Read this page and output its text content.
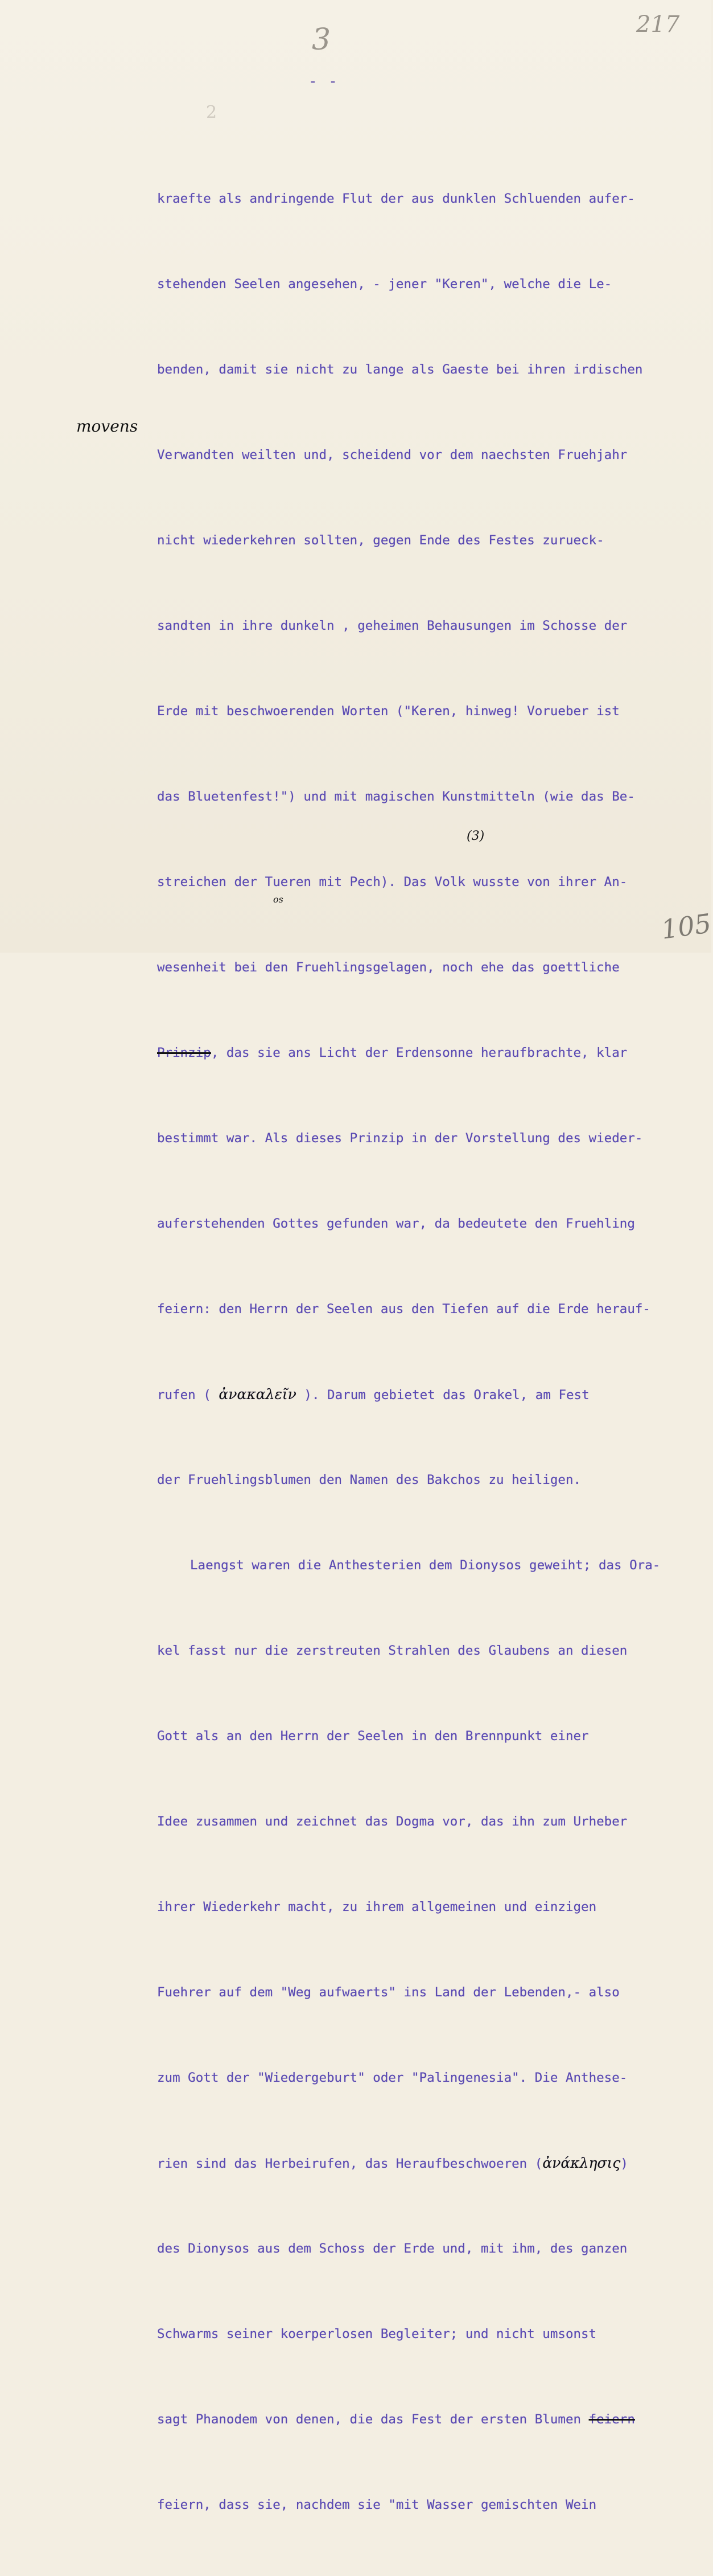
3	217
2
- -
movens

kraefte als andringende Flut der aus dunklen Schluenden aufer-

stehenden Seelen angesehen, - jener "Keren", welche die Le-

benden, damit sie nicht zu lange als Gaeste bei ihren irdischen

Verwandten weilten und, scheidend vor dem naechsten Fruehjahr

nicht wiederkehren sollten, gegen Ende des Festes zurueck-

sandten in ihre dunkeln , geheimen Behausungen im Schosse der

Erde mit beschwoerenden Worten ("Keren, hinweg! Vorueber ist

das Bluetenfest!") und mit magischen Kunstmitteln (wie das Be-

streichen der Tueren mit Pech). Das Volk wusste von ihrer An-

wesenheit bei den Fruehlingsgelagen, noch ehe das goettliche

Prinzip, das sie ans Licht der Erdensonne heraufbrachte, klar

bestimmt war. Als dieses Prinzip in der Vorstellung des wieder-

auferstehenden Gottes gefunden war, da bedeutete den Fruehling

feiern: den Herrn der Seelen aus den Tiefen auf die Erde herauf-

rufen ( ἀνακαλεῖν ). Darum gebietet das Orakel, am Fest

der Fruehlingsblumen den Namen des Bakchos zu heiligen.

Laengst waren die Anthesterien dem Dionysos geweiht; das Ora-

kel fasst nur die zerstreuten Strahlen des Glaubens an diesen

Gott als an den Herrn der Seelen in den Brennpunkt einer

Idee zusammen und zeichnet das Dogma vor, das ihn zum Urheber

ihrer Wiederkehr macht, zu ihrem allgemeinen und einzigen

Fuehrer auf dem "Weg aufwaerts" ins Land der Lebenden,- also

zum Gott der "Wiedergeburt" oder "Palingenesia". Die Anthese-

rien sind das Herbeirufen, das Heraufbeschwoeren (ἀνάκλησις)

des Dionysos aus dem Schoss der Erde und, mit ihm, des ganzen

Schwarms seiner koerperlosen Begleiter; und nicht umsonst

sagt Phanodem von denen, die das Fest der ersten Blumen feiern

feiern, dass sie, nachdem sie "mit Wasser gemischten Wein

(3)
os
105
